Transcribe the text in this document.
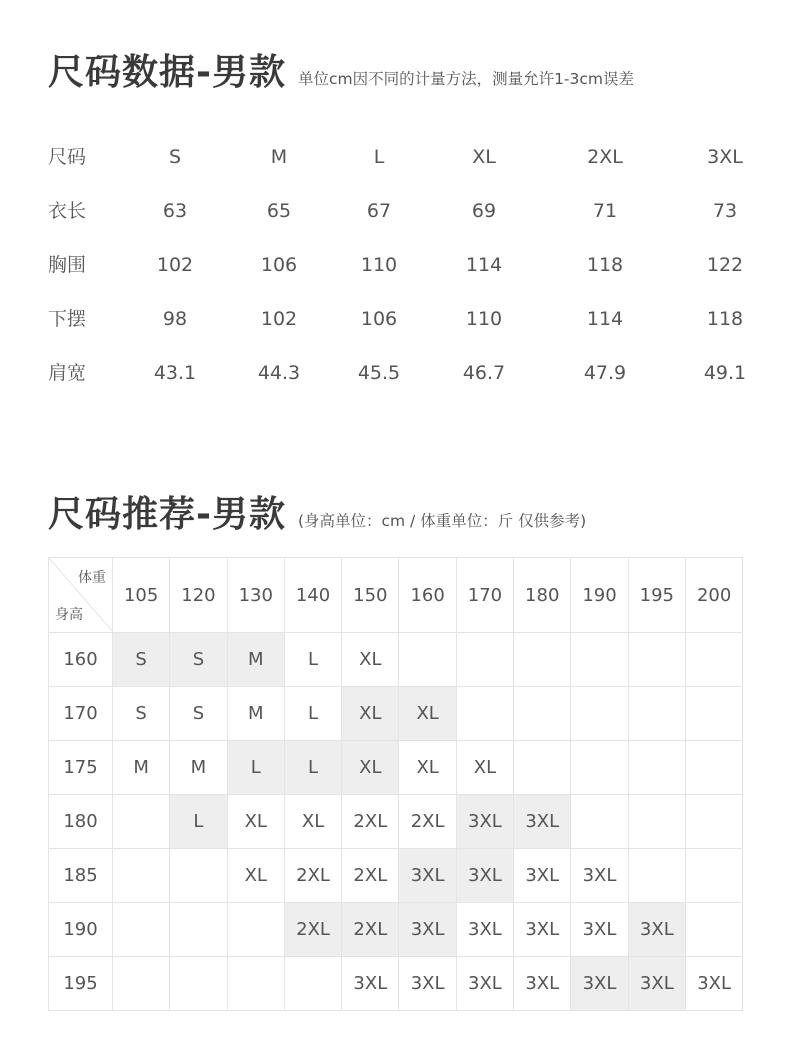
尺码数据-男款 单位cm因不同的计量方法，测量允许1-3cm误差
尺码	S	M	L	XL	2XL	3XL
衣长	63	65	67	69	71	73
胸围	102	106	110	114	118	122
下摆	98	102	106	110	114	118
肩宽	43.1	44.3	45.5	46.7	47.9	49.1
尺码推荐-男款 (身高单位：cm / 体重单位：斤 仅供参考)
体重
身高	105	120	130	140	150	160	170	180	190	195	200
160	S	S	M	L	XL						
170	S	S	M	L	XL	XL					
175	M	M	L	L	XL	XL	XL				
180		L	XL	XL	2XL	2XL	3XL	3XL			
185			XL	2XL	2XL	3XL	3XL	3XL	3XL		
190				2XL	2XL	3XL	3XL	3XL	3XL	3XL	
195					3XL	3XL	3XL	3XL	3XL	3XL	3XL
